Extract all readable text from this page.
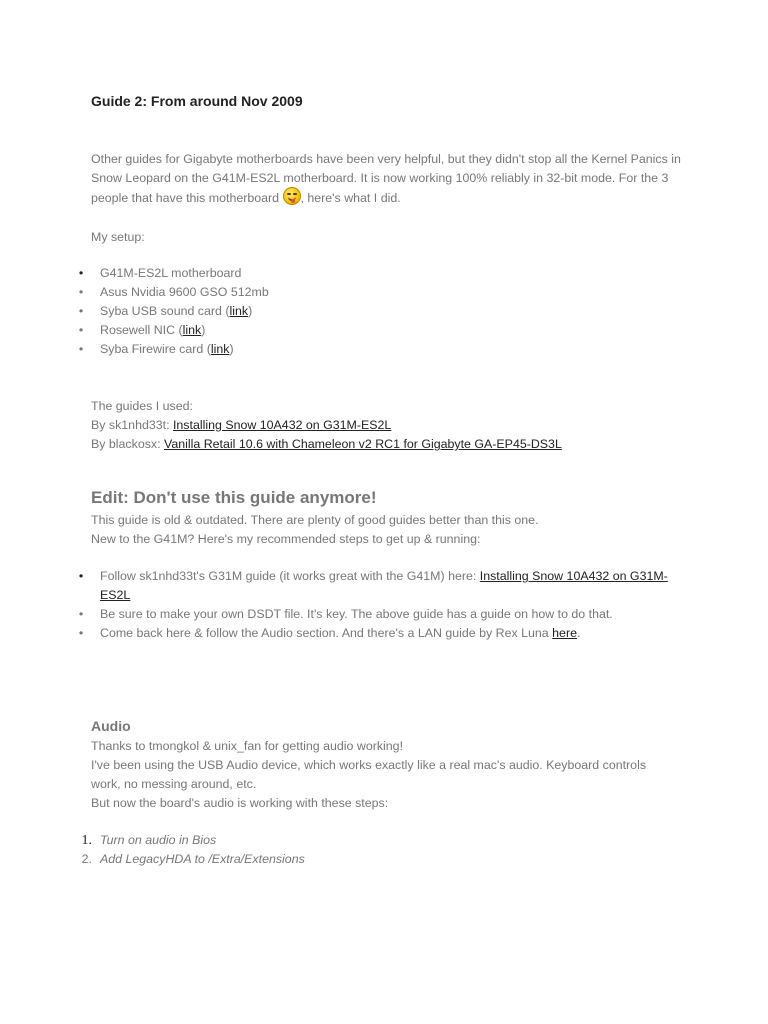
Guide 2: From around Nov 2009

Other guides for Gigabyte motherboards have been very helpful, but they didn't stop all the Kernel Panics in Snow Leopard on the G41M-ES2L motherboard. It is now working 100% reliably in 32-bit mode. For the 3 people that have this motherboard
, here's what I did.

My setup:

• G41M-ES2L motherboard
• Asus Nvidia 9600 GSO 512mb
• Syba USB sound card (link)
• Rosewell NIC (link)
• Syba Firewire card (link)
The guides I used:
By sk1nhd33t: Installing Snow 10A432 on G31M-ES2L
By blackosx: Vanilla Retail 10.6 with Chameleon v2 RC1 for Gigabyte GA-EP45-DS3L
Edit: Don't use this guide anymore!
This guide is old & outdated. There are plenty of good guides better than this one.
New to the G41M? Here's my recommended steps to get up & running:
• Follow sk1nhd33t's G31M guide (it works great with the G41M) here: Installing Snow 10A432 on G31M-ES2L
• Be sure to make your own DSDT file. It's key. The above guide has a guide on how to do that.
• Come back here & follow the Audio section. And there's a LAN guide by Rex Luna here.
Audio
Thanks to tmongkol & unix_fan for getting audio working!
I've been using the USB Audio device, which works exactly like a real mac's audio. Keyboard controls work, no messing around, etc.
But now the board's audio is working with these steps:
1. Turn on audio in Bios
2. Add LegacyHDA to /Extra/Extensions
